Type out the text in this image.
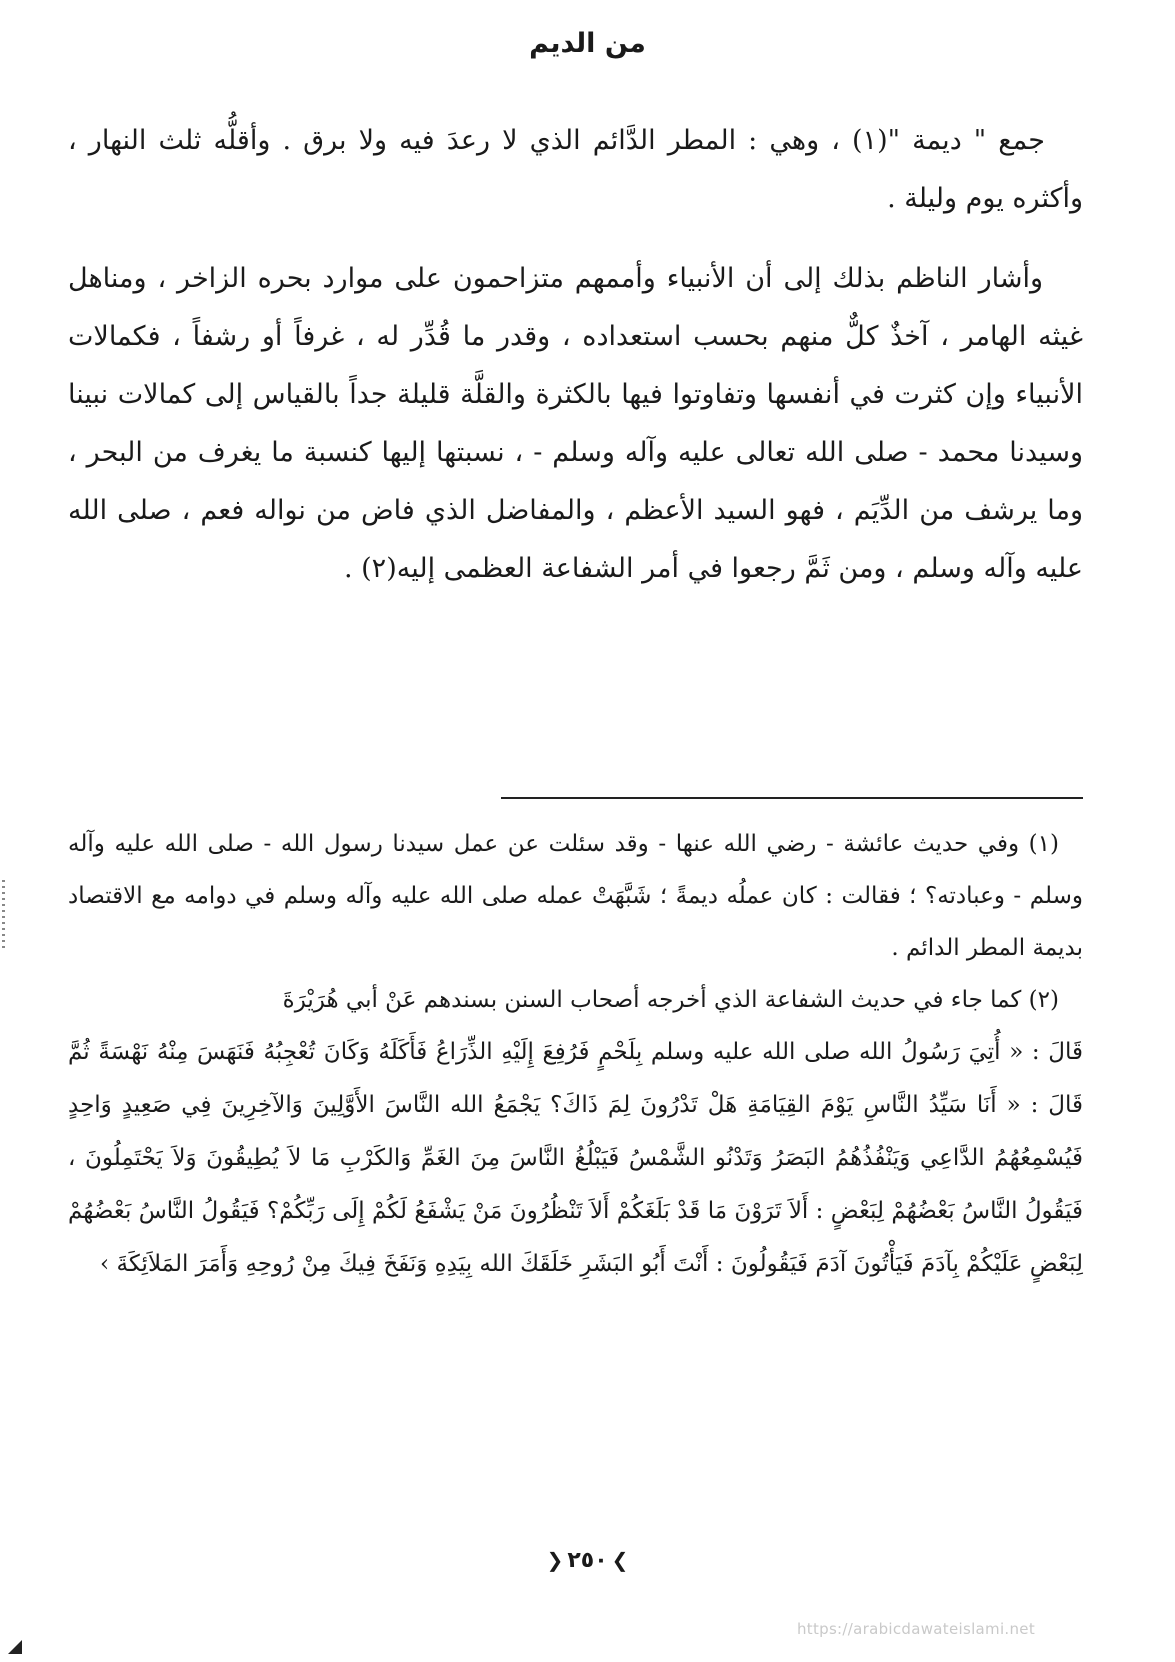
من الديم

جمع " ديمة "(١) ، وهي : المطر الدَّائم الذي لا رعدَ فيه ولا برق . وأقلُّه ثلث النهار ، وأكثره يوم وليلة .

وأشار الناظم بذلك إلى أن الأنبياء وأممهم متزاحمون على موارد بحره الزاخر ، ومناهل غيثه الهامر ، آخذٌ كلٌّ منهم بحسب استعداده ، وقدر ما قُدِّر له ، غرفاً أو رشفاً ، فكمالات الأنبياء وإن كثرت في أنفسها وتفاوتوا فيها بالكثرة والقلَّة قليلة جداً بالقياس إلى كمالات نبينا وسيدنا محمد - صلى الله تعالى عليه وآله وسلم - ، نسبتها إليها كنسبة ما يغرف من البحر ، وما يرشف من الدِّيَم ، فهو السيد الأعظم ، والمفاضل الذي فاض من نواله فعم ، صلى الله عليه وآله وسلم ، ومن ثَمَّ رجعوا في أمر الشفاعة العظمى إليه(٢) .

(١) وفي حديث عائشة - رضي الله عنها - وقد سئلت عن عمل سيدنا رسول الله - صلى الله عليه وآله وسلم - وعبادته؟ ؛ فقالت : كان عملُه ديمةً ؛ شَبَّهَتْ عمله صلى الله عليه وآله وسلم في دوامه مع الاقتصاد بديمة المطر الدائم .

(٢) كما جاء في حديث الشفاعة الذي أخرجه أصحاب السنن بسندهم عَنْ أبي هُرَيْرَةَ

قَالَ : « أُتِيَ رَسُولُ الله صلى الله عليه وسلم بِلَحْمٍ فَرُفِعَ إِلَيْهِ الذِّرَاعُ فَأَكَلَهُ وَكَانَ تُعْجِبُهُ فَنَهَسَ مِنْهُ نَهْسَةً ثُمَّ قَالَ : « أَنَا سَيِّدُ النَّاسِ يَوْمَ القِيَامَةِ هَلْ تَدْرُونَ لِمَ ذَاكَ؟ يَجْمَعُ الله النَّاسَ الأَوَّلِينَ وَالآخِرِينَ فِي صَعِيدٍ وَاحِدٍ فَيُسْمِعُهُمُ الدَّاعِي وَيَنْفُذُهُمُ البَصَرُ وَتَدْنُو الشَّمْسُ فَيَبْلُغُ النَّاسَ مِنَ الغَمِّ وَالكَرْبِ مَا لاَ يُطِيقُونَ وَلاَ يَحْتَمِلُونَ ، فَيَقُولُ النَّاسُ بَعْضُهُمْ لِبَعْضٍ : أَلاَ تَرَوْنَ مَا قَدْ بَلَغَكُمْ أَلاَ تَنْظُرُونَ مَنْ يَشْفَعُ لَكُمْ إِلَى رَبِّكُمْ؟ فَيَقُولُ النَّاسُ بَعْضُهُمْ لِبَعْضٍ عَلَيْكُمْ بِآدَمَ فَيَأْتُونَ آدَمَ فَيَقُولُونَ : أَنْتَ أَبُو البَشَرِ خَلَقَكَ الله بِيَدِهِ وَنَفَخَ فِيكَ مِنْ رُوحِهِ وَأَمَرَ المَلاَئِكَةَ ›

❯٢٥٠❮
https://arabicdawateislami.net
